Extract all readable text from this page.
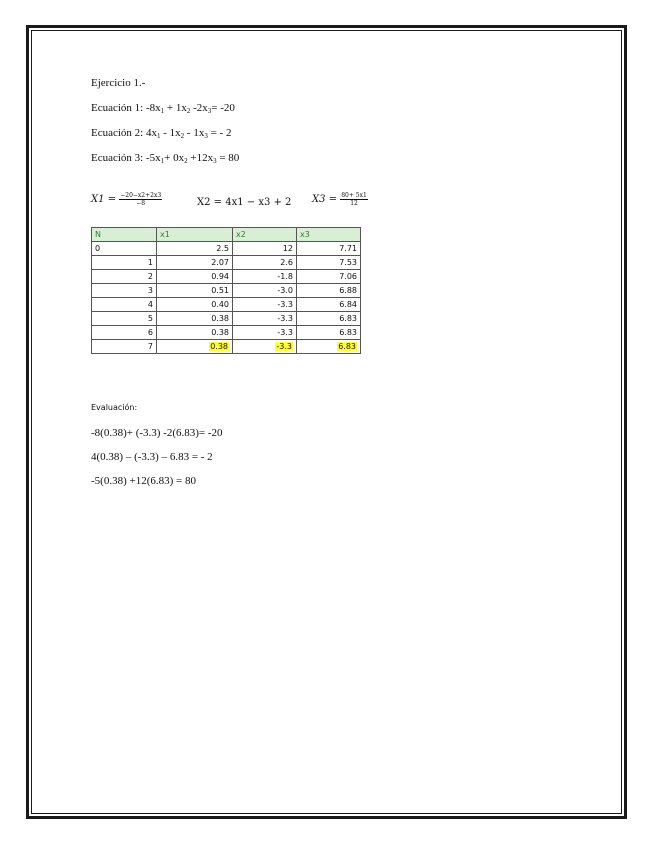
Ejercicio 1.-
Ecuación 1: $-8x_1 + 1x_2$ $-2x_3= -20$
Ecuación 2: $4x_1 - 1x_2 - 1x_3$ = - 2
Ecuación 3: $-5x_1+ 0x_2 +12x_3 = 80$
$X1 = \frac{-20-x2+2x3}{-8}$	X2 = 4x1 − x3 + 2 $X3 = \frac{80+ 5x1}{12}$
N	x1	x2	x3
0	2.5	12	7.71
1	2.07	2.6	7.53
2	0.94	-1.8	7.06
3	0.51	-3.0	6.88
4	0.40	-3.3	6.84
5	0.38	-3.3	6.83
6	0.38	-3.3	6.83
7	0.38	-3.3	6.83
Evaluación:
-8(0.38)+ (-3.3) -2(6.83)= -20
4(0.38) – (-3.3) – 6.83 = - 2
-5(0.38) +12(6.83) = 80
